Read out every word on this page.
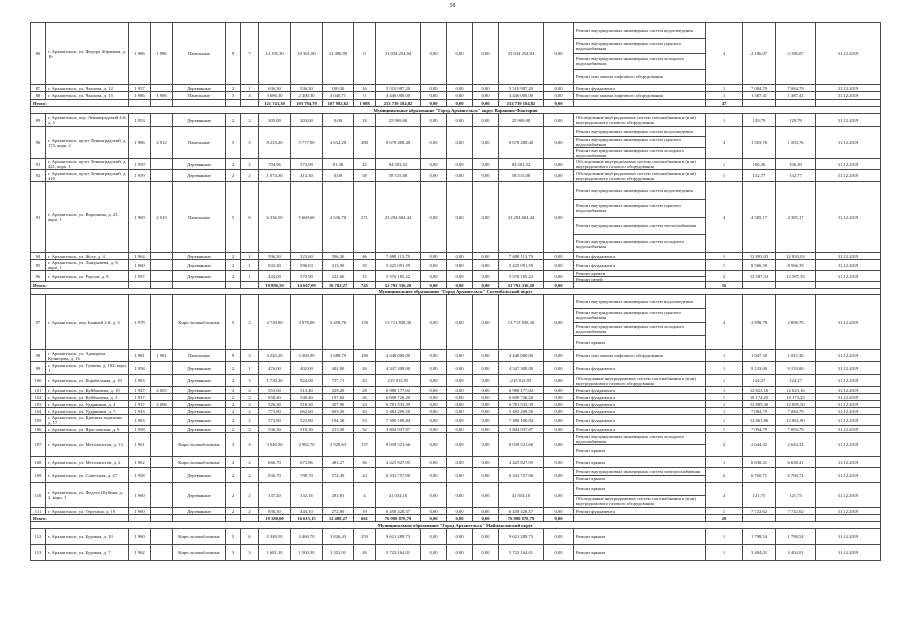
58
86	г. Архангельск, ул. Федора Абрамова, д. 16	1 986	1 986	Панельные	9	7	14 195,30	10 361,80	12 496,99	0	31 034 254,04	0,00	0,00	0,00	31 034 254,04	0,00	Ремонт внутридомовых инженерных систем водоотведения
Ремонт внутридомовых инженерных систем горячего водоснабжения
Ремонт внутридомовых инженерных систем холодного водоснабжения
Ремонт или замена лифтового оборудования	4	2 186,07	2 186,07	31.12.2019
87	г. Архангельск, ул. Чкалова, д. 12	1 957		Деревянные	2	1	636,30	536,30	100,30	16	5 510 987,20	0,00	0,00	0,00	5 510 987,20	0,00	Ремонт фундамента	1	7 084,79	7 084,79	31.12.2019
88	г. Архангельск, ул. Чкалова, д. 15	1 986	1 986	Панельные	5	4	3 686,30	2 400,30	3 040,71	0	4 446 000,00	0,00	0,00	0,00	4 446 000,00	0,00	Ремонт или замена лифтового оборудования	1	1 387,41	1 387,41	31.12.2019
Итого:							121 743,30	103 794,79	107 982,62	1 088	253 739 184,82	0,00	0,00	0,00	253 739 184,82	0,00		47			
Муниципальное образование "Город Архангельск" округ Варавино-Фактория																					
89	г. Архангельск, пер. Ленинградский 4-й, д. 5	1 953		Деревянные	2	2	305,00	203,00	0,00	18	25 969,00	0,00	0,00	0,00	25 969,00	0,00	Обследование внутридомовых систем газоснабжения и (или) внутридомового газового оборудования	1	129,79	129,79	31.12.2019
90	г. Архангельск, пр-кт Ленинградский, д. 173, корп. 2	1 986	2 012	Панельные	5	5	8 233,20	5 777,90	4 632,20	280	8 678 408,40	0,00	0,00	0,00	8 678 408,40	0,00	Ремонт внутридомовых инженерных систем водоотведения
Ремонт внутридомовых инженерных систем горячего водоснабжения
Ремонт внутридомовых инженерных систем холодного водоснабжения	3	1 503,76	1 503,76	31.12.2019
91	г. Архангельск, пр-кт Ленинградский, д. 421, корп. 1	1 959		Деревянные	2	2	794,96	373,09	81,30	42	84 503,52	0,00	0,00	0,00	84 503,52	0,00	Обследование внутридомовых систем газоснабжения и (или) внутридомового газового оборудования	1	106,30	106,30	31.12.2019
92	г. Архангельск, пр-кт Ленинградский, д. 410	1 959		Деревянные	2	2	1 074,30	413,30	0,00	38	58 515,08	0,00	0,00	0,00	58 515,08	0,00	Обследование внутридомовых систем газоснабжения и (или) внутридомового газового оборудования	1	132,77	132,77	31.12.2019
93	г. Архангельск, ул. Ворошина, д. 25, корп. 1	1 969	2 010	Панельные	5	6	6 336,50	5 669,60	4 636,70	271	23 294 684,44	0,00	0,00	0,00	23 294 684,44	0,00	Ремонт внутридомовых инженерных систем водоотведения
Ремонт внутридомовых инженерных систем горячего водоснабжения
Ремонт внутридомовых инженерных систем теплоснабжения
Ремонт внутридомовых инженерных систем холодного водоснабжения	4	4 385,17	4 385,17	31.12.2019
94	г. Архангельск, ул. Жосу, д. 4	1 964		Деревянные	2	1	596,30	323,60	596,30	46	7 688 113,79	0,00	0,00	0,00	7 688 113,79	0,00	Ремонт фундамента	1	12 893,03	12 893,03	31.12.2019
95	г. Архангельск, ул. Ландышева, д. 9, корп. 1	1 960		Деревянные	2	1	633,30	596,63	313,90	35	5 425 091,59	0,00	0,00	0,00	5 425 091,59	0,00	Ремонт фундамента	1	8 566,39	8 566,39	31.12.2019
96	г. Архангельск, ул. Рорсон, д. 8	1 957		Деревянные	2	1	443,00	375,90	222,60	15	5 576 185,22	0,00	0,00	0,00	5 576 185,22	0,00	Ремонт кровли
Ремонт печей	2	12 587,33	12 587,33	31.12.2019
Итого:							19 896,50	14 667,09	10 782,27	745	52 792 336,20	0,00	0,00	0,00	52 792 336,20	0,00		16			
Муниципальное образование "Город Архангельск" Соломбальский округ																					
97	г. Архангельск, пер. Банный 2-й, д. 3	1 978		Кирп./шлакоблочные	5	2	4 730,90	3 978,00	3 458,76	159	13 713 838,30	0,00	0,00	0,00	13 713 838,30	0,00	Ремонт внутридомовых инженерных систем водоотведения
Ремонт внутридомовых инженерных систем горячего водоснабжения
Ремонт внутридомовых инженерных систем холодного водоснабжения
Ремонт крыши	4	2 898,78	2 898,78	31.12.2019
98	г. Архангельск, ул. Адмирала Кузнецова, д. 16	1 981	1 981	Панельные	9	3	4 245,20	3 360,90	3 688,79	186	4 446 000,00	0,00	0,00	0,00	4 446 000,00	0,00	Ремонт или замена лифтового оборудования	1	1 047,30	1 047,30	31.12.2019
99	г. Архангельск, ул. Гуляева, д. 102, корп. 1	1 958		Деревянные	2	1	476,00	402,00	402,00	26	4 347 308,00	0,00	0,00	0,00	4 347 308,00	0,00	Ремонт фундамента	1	9 133,00	9 133,00	31.12.2019
100	г. Архангельск, ул. Корабельная, д. 10	1 963		Деревянные	2	3	1 730,20	824,00	757,71	43	215 012,95	0,00	0,00	0,00	215 012,95	0,00	Обследование внутридомовых систем газоснабжения и (или) внутридомового газового оборудования	1	124,27	124,27	31.12.2019
101	г. Архангельск, ул. Куйбышева, д. 10	1 947	2 005	Деревянные	2	2	553,60	513,40	329,20	28	6 988 177,02	0,00	0,00	0,00	6 988 177,02	0,00	Ремонт фундамента	1	12 623,16	12 623,16	31.12.2019
102	г. Архангельск, ул. Куйбышева, д. 3	1 937		Деревянные	2	2	658,40	540,40	197,60	26	6 698 726,20	0,00	0,00	0,00	6 698 726,20	0,00	Ремонт фундамента	1	10 174,25	10 174,25	31.12.2019
103	г. Архангельск, ул. Ударников, д. 4	1 937	2 008	Деревянные	2	2	526,30	510,30	307,90	24	6 781 533,39	0,00	0,00	0,00	6 781 533,39	0,00	Ремонт фундамента	1	12 885,30	12 885,30	31.12.2019
104	г. Архангельск, ул. Ударников, д. 7	1 943		Деревянные	2	2	773,80	662,60	603,30	43	5 482 209,50	0,00	0,00	0,00	5 482 209,50	0,00	Ремонт фундамента	1	7 084,79	7 084,79	31.12.2019
105	г. Архангельск, ул. Красных партизан, д. 17	1 963		Деревянные	2	2	573,80	523,80	194,30	53	7 380 100,84	0,00	0,00	0,00	7 380 100,84	0,00	Ремонт фундамента	1	12 861,80	12 861,80	31.12.2019
106	г. Архангельск, ул. Ярославская, д. 9	1 958		Деревянные	2	2	536,30	518,30	213,30	32	3 804 937,87	0,00	0,00	0,00	3 804 937,87	0,00	Ремонт фундамента	1	7 094,79	7 094,79	31.12.2019
107	г. Архангельск, ул. Металлистов, д. 13	1 961		Кирп./шлакоблочные	3	4	3 040,30	2 982,70	2 928,63	137	8 039 521,66	0,00	0,00	0,00	8 039 521,66	0,00	Ремонт внутридомовых инженерных систем холодного водоснабжения
Ремонт крыши	2	2 644,32	2 644,32	31.12.2019
108	г. Архангельск, ул. Металлистов, д. 2	1 962		Кирп./шлакоблочные	2	2	666,70	673,86	481,27	36	4 425 827,95	0,00	0,00	0,00	4 425 827,95	0,00	Ремонт крыши	1	6 638,41	6 638,41	31.12.2019
109	г. Архангельск, ул. Советская, д. 47	1 958		Деревянные	2	2	936,70	798,70	574,30	23	6 332 757,06	0,00	0,00	0,00	6 332 757,06	0,00	Ремонт внутридомовых инженерных систем электроснабжения
Ремонт крыши	2	6 760,71	6 760,71	31.12.2019
110	г. Архангельск, ул. Федота Шубина, д. 2, корп. 1	1 960		Деревянные	2	2	337,20	332,16	281,81	4	41 054,10	0,00	0,00	0,00	41 054,10	0,00	Ремонт крыши
Обследование внутридомовых систем газоснабжения и (или) внутридомового газового оборудования	2	121,75	121,75	31.12.2019
111	г. Архангельск, ул. Терехина, д. 19	1 960		Деревянные	2	2	836,30	444,10	272,80	19	6 458 428,57	0,00	0,00	0,00	6 458 428,57	0,00	Ремонт фундамента	1	7 722,62	7 722,62	31.12.2019
Итого:							19 180,00	16 615,15	12 488,27	661	76 988 878,79	0,00	0,00	0,00	76 988 878,79	0,00		20			
Муниципальное образование "Город Архангельск" Маймаксанский округ																					
112	г. Архангельск, ул. Буровая, д. 10	1 960		Кирп./шлакоблочные	5	6	5 349,50	4 460,70	3 826,43	259	9 621 289,73	0,00	0,00	0,00	9 621 289,73	0,00	Ремонт крыши	1	1 798,54	1 798,54	31.12.2019
113	г. Архангельск, ул. Буровая, д. 7	1 962		Кирп./шлакоблочные	3	3	1 681,30	1 500,30	1 352,91	26	5 723 164,01	0,00	0,00	0,00	5 723 164,01	0,00	Ремонт крыши	1	3 404,01	3 404,01	31.12.2019
